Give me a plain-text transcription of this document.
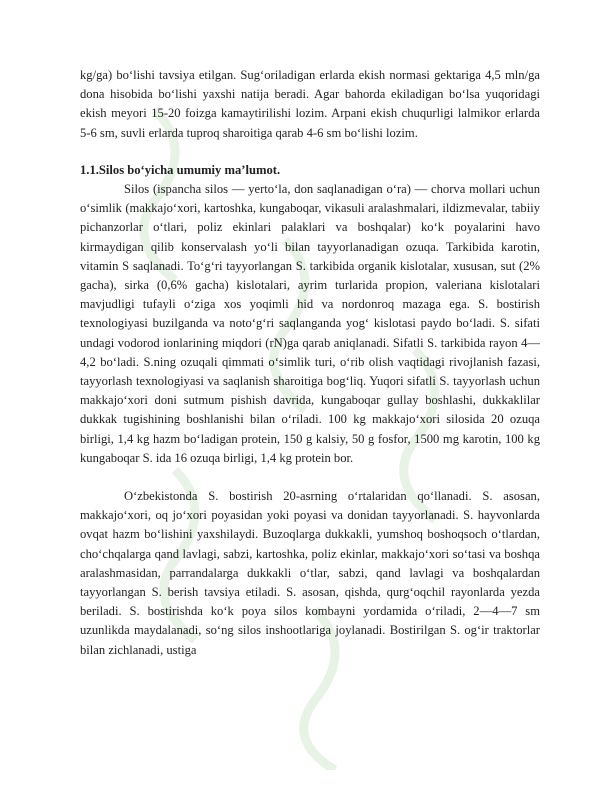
kg/ga) bo‘lishi tavsiya etilgan. Sug‘oriladigan erlarda ekish normasi gektariga 4,5 mln/ga dona hisobida bo‘lishi yaxshi natija beradi. Agar bahorda ekiladigan bo‘lsa yuqoridagi ekish meyori 15-20 foizga kamaytirilishi lozim. Arpani ekish chuqurligi lalmikor erlarda 5-6 sm, suvli erlarda tuproq sharoitiga qarab 4-6 sm bo‘lishi lozim.

1.1.Silos bo‘yicha umumiy ma’lumot.

Silos (ispancha silos — yerto‘la, don saqlanadigan o‘ra) — chorva mollari uchun o‘simlik (makkajo‘xori, kartoshka, kungaboqar, vikasuli aralashmalari, ildizmevalar, tabiiy pichanzorlar o‘tlari, poliz ekinlari palaklari va boshqalar) ko‘k poyalarini havo kirmaydigan qilib konservalash yo‘li bilan tayyorlanadigan ozuqa. Tarkibida karotin, vitamin S saqlanadi. To‘g‘ri tayyorlangan S. tarkibida organik kislotalar, xususan, sut (2% gacha), sirka (0,6% gacha) kislotalari, ayrim turlarida propion, valeriana kislotalari mavjudligi tufayli o‘ziga xos yoqimli hid va nordonroq mazaga ega. S. bostirish texnologiyasi buzilganda va noto‘g‘ri saqlanganda yog‘ kislotasi paydo bo‘ladi. S. sifati undagi vodorod ionlarining miqdori (rN)ga qarab aniqlanadi. Sifatli S. tarkibida rayon 4—4,2 bo‘ladi. S.ning ozuqali qimmati o‘simlik turi, o‘rib olish vaqtidagi rivojlanish fazasi, tayyorlash texnologiyasi va saqlanish sharoitiga bog‘liq. Yuqori sifatli S. tayyorlash uchun makkajo‘xori doni sutmum pishish davrida, kungaboqar gullay boshlashi, dukkaklilar dukkak tugishining boshlanishi bilan o‘riladi. 100 kg makkajo‘xori silosida 20 ozuqa birligi, 1,4 kg hazm bo‘ladigan protein, 150 g kalsiy, 50 g fosfor, 1500 mg karotin, 100 kg kungaboqar S. ida 16 ozuqa birligi, 1,4 kg protein bor.

O‘zbekistonda S. bostirish 20-asrning o‘rtalaridan qo‘llanadi. S. asosan, makkajo‘xori, oq jo‘xori poyasidan yoki poyasi va donidan tayyorlanadi. S. hayvonlarda ovqat hazm bo‘lishini yaxshilaydi. Buzoqlarga dukkakli, yumshoq boshoqsoch o‘tlardan, cho‘chqalarga qand lavlagi, sabzi, kartoshka, poliz ekinlar, makkajo‘xori so‘tasi va boshqa aralashmasidan, parrandalarga dukkakli o‘tlar, sabzi, qand lavlagi va boshqalardan tayyorlangan S. berish tavsiya etiladi. S. asosan, qishda, qurg‘oqchil rayonlarda yezda beriladi. S. bostirishda ko‘k poya silos kombayni yordamida o‘riladi, 2—4—7 sm uzunlikda maydalanadi, so‘ng silos inshootlariga joylanadi. Bostirilgan S. og‘ir traktorlar bilan zichlanadi, ustiga
